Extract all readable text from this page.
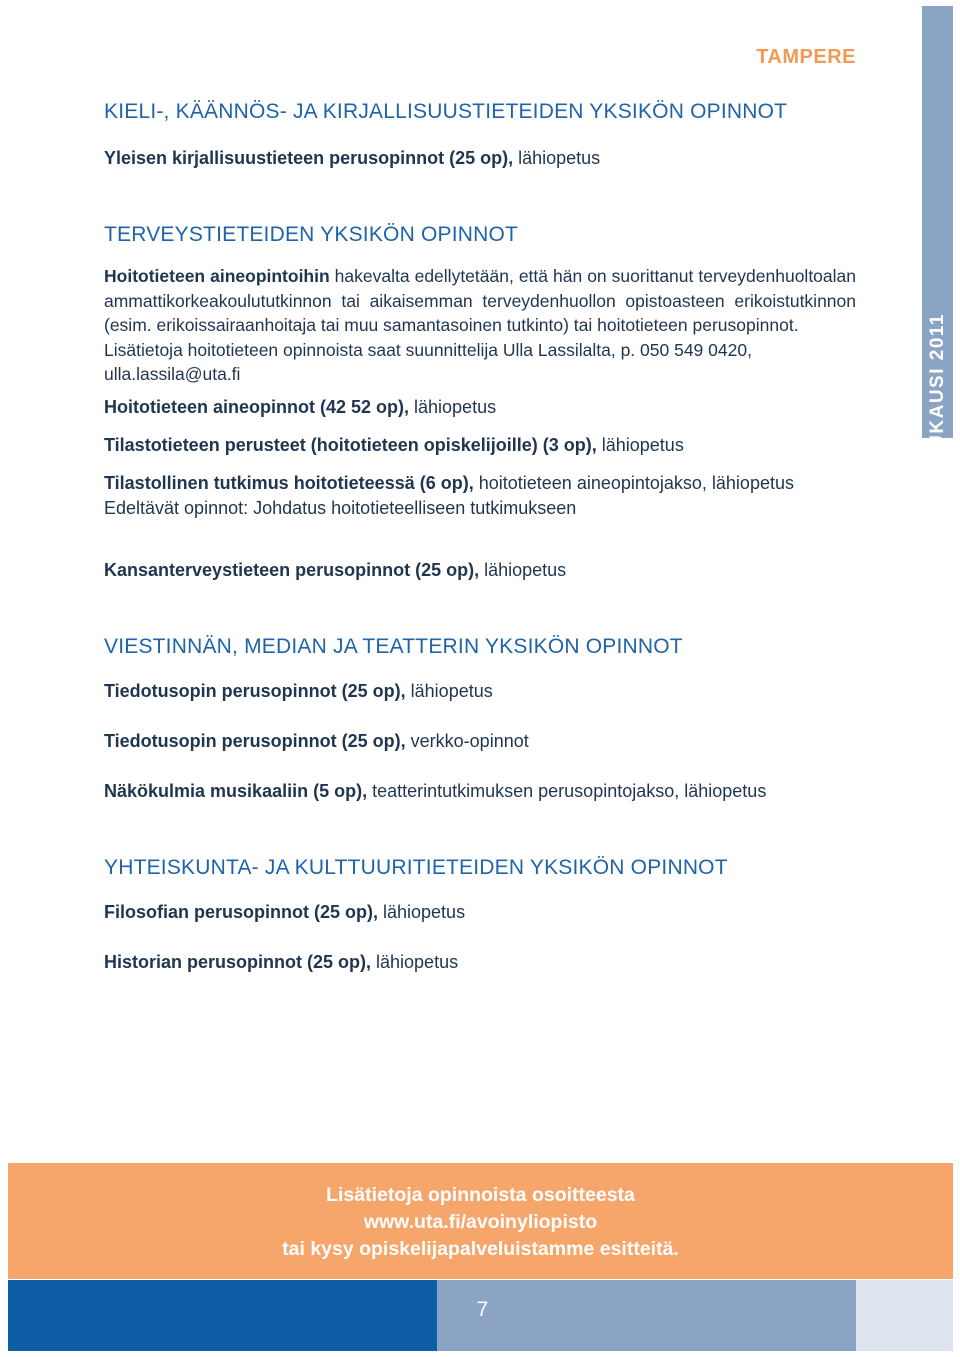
TAMPERE
SYYSLUKUKAUSI 2011
KIELI-, KÄÄNNÖS- JA KIRJALLISUUSTIETEIDEN YKSIKÖN OPINNOT

Yleisen kirjallisuustieteen perusopinnot (25 op), lähiopetus

TERVEYSTIETEIDEN YKSIKÖN OPINNOT

Hoitotieteen aineopintoihin hakevalta edellytetään, että hän on suorittanut terveydenhuoltoalan ammattikorkeakoulututkinnon tai aikaisemman terveydenhuollon opistoasteen erikoistutkinnon (esim. erikoissairaanhoitaja tai muu samantasoinen tutkinto) tai hoitotieteen perusopinnot.

Lisätietoja hoitotieteen opinnoista saat suunnittelija Ulla Lassilalta, p. 050 549 0420, ulla.lassila@uta.fi

Hoitotieteen aineopinnot (42 52 op), lähiopetus

Tilastotieteen perusteet (hoitotieteen opiskelijoille) (3 op), lähiopetus

Tilastollinen tutkimus hoitotieteessä (6 op), hoitotieteen aineopintojakso, lähiopetus

Edeltävät opinnot: Johdatus hoitotieteelliseen tutkimukseen

Kansanterveystieteen perusopinnot (25 op), lähiopetus

VIESTINNÄN, MEDIAN JA TEATTERIN YKSIKÖN OPINNOT

Tiedotusopin perusopinnot (25 op), lähiopetus

Tiedotusopin perusopinnot (25 op), verkko-opinnot

Näkökulmia musikaaliin (5 op), teatterintutkimuksen perusopintojakso, lähiopetus

YHTEISKUNTA- JA KULTTUURITIETEIDEN YKSIKÖN OPINNOT

Filosofian perusopinnot (25 op), lähiopetus

Historian perusopinnot (25 op), lähiopetus

Lisätietoja opinnoista osoitteesta

www.uta.fi/avoinyliopisto

tai kysy opiskelijapalveluistamme esitteitä.

7
